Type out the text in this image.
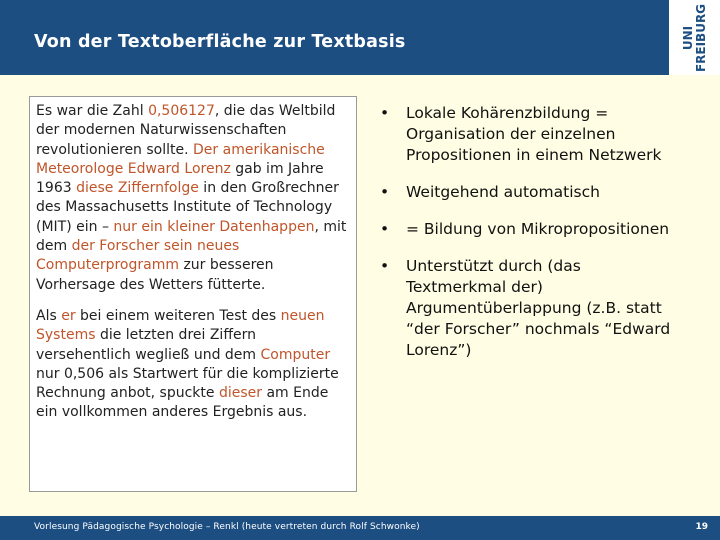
Von der Textoberfläche zur Textbasis	UNI FREIBURG

Es war die Zahl 0,506127, die das Weltbild der modernen Naturwissenschaften revolutionieren sollte. Der amerikanische Meteorologe Edward Lorenz gab im Jahre 1963 diese Ziffernfolge in den Großrechner des Massachusetts Institute of Technology (MIT) ein – nur ein kleiner Datenhappen, mit dem der Forscher sein neues Computerprogramm zur besseren Vorhersage des Wetters fütterte.

Als er bei einem weiteren Test des neuen Systems die letzten drei Ziffern versehentlich wegließ und dem Computer nur 0,506 als Startwert für die komplizierte Rechnung anbot, spuckte dieser am Ende ein vollkommen anderes Ergebnis aus.

• Lokale Kohärenzbildung = Organisation der einzelnen Propositionen in einem Netzwerk
• Weitgehend automatisch
• = Bildung von Mikropropositionen
• Unterstützt durch (das Textmerkmal der) Argumentüberlappung (z.B. statt “der Forscher” nochmals “Edward Lorenz”)
Vorlesung Pädagogische Psychologie – Renkl (heute vertreten durch Rolf Schwonke)	19
